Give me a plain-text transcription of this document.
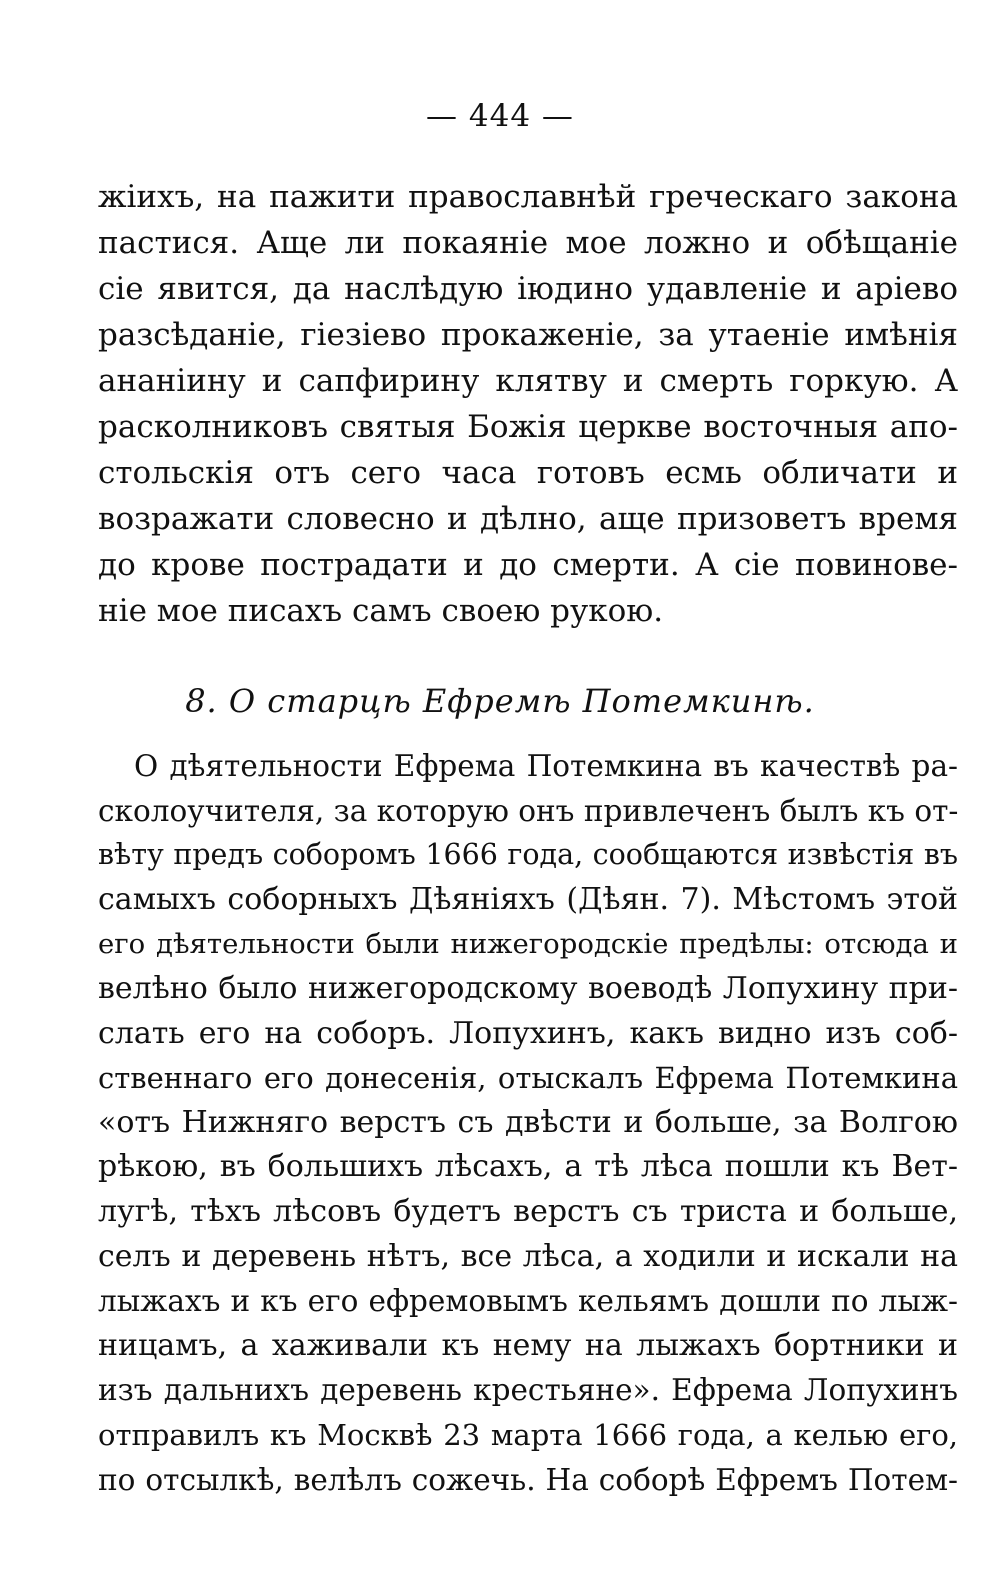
— 444 —
жіихъ, на пажити православнѣй греческаго закона
пастися. Аще ли покаяніе мое ложно и обѣщаніе
сіе явится, да наслѣдую іюдино удавленіе и аріево
разсѣданіе, гіезіево прокаженіе, за утаеніе имѣнія
ананіину и сапфирину клятву и смерть горкую. А
расколниковъ святыя Божія церкве восточныя апо-
стольскія отъ сего часа готовъ есмь обличати и
возражати словесно и дѣлно, аще призоветъ время
до крове пострадати и до смерти. А сіе повинове-
ніе мое писахъ самъ своею рукою.
8. О старцѣ Ефремѣ Потемкинѣ.
О дѣятельности Ефрема Потемкина въ качествѣ ра-
сколоучителя, за которую онъ привлеченъ былъ къ от-
вѣту предъ соборомъ 1666 года, сообщаются извѣстія въ
самыхъ соборныхъ Дѣяніяхъ (Дѣян. 7). Мѣстомъ этой
его дѣятельности были нижегородскіе предѣлы: отсюда и
велѣно было нижегородскому воеводѣ Лопухину при-
слать его на соборъ. Лопухинъ, какъ видно изъ соб-
ственнаго его донесенія, отыскалъ Ефрема Потемкина
«отъ Нижняго верстъ съ двѣсти и больше, за Волгою
рѣкою, въ большихъ лѣсахъ, а тѣ лѣса пошли къ Вет-
лугѣ, тѣхъ лѣсовъ будетъ верстъ съ триста и больше,
селъ и деревень нѣтъ, все лѣса, а ходили и искали на
лыжахъ и къ его ефремовымъ кельямъ дошли по лыж-
ницамъ, а хаживали къ нему на лыжахъ бортники и
изъ дальнихъ деревень крестьяне». Ефрема Лопухинъ
отправилъ къ Москвѣ 23 марта 1666 года, а келью его,
по отсылкѣ, велѣлъ сожечь. На соборѣ Ефремъ Потем-
